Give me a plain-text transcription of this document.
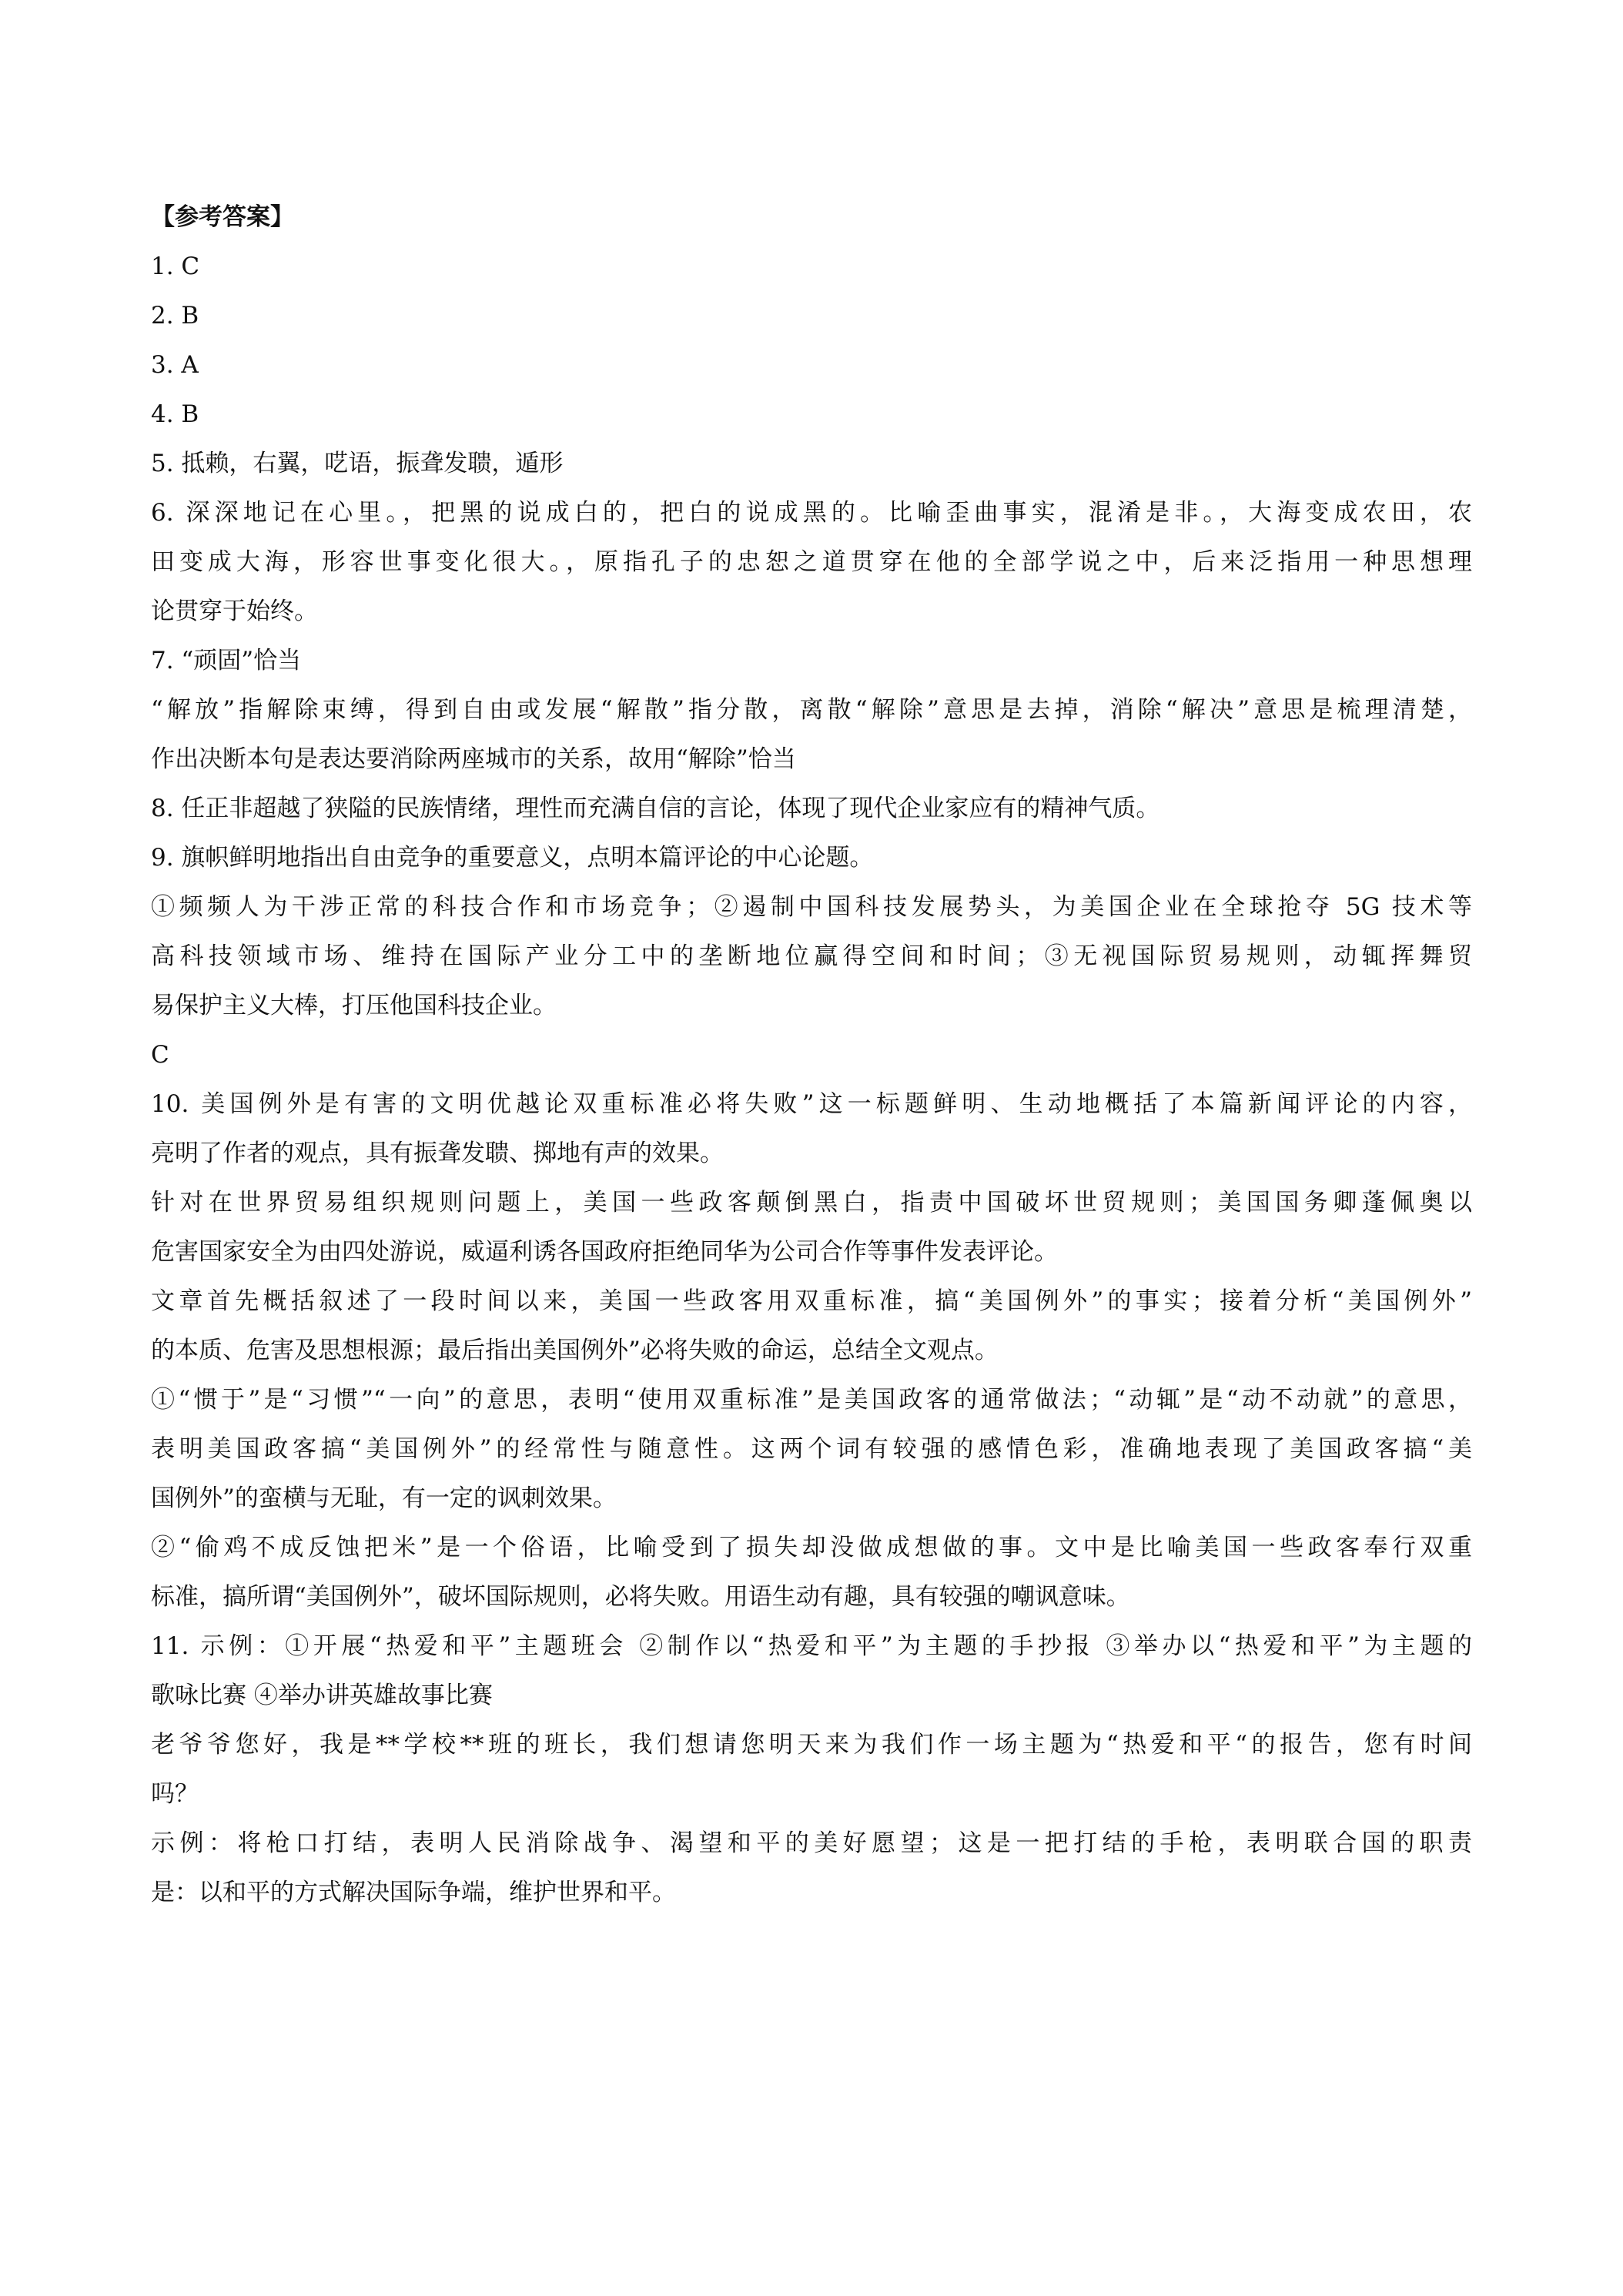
【参考答案】
1. C
2. B
3. A
4. B
5. 抵赖，右翼，呓语，振聋发聩，遁形
6. 深深地记在心里。，把黑的说成白的，把白的说成黑的。比喻歪曲事实，混淆是非。，大海变成农田，农
田变成大海，形容世事变化很大。，原指孔子的忠恕之道贯穿在他的全部学说之中，后来泛指用一种思想理
论贯穿于始终。
7. “顽固”恰当
“解放”指解除束缚，得到自由或发展“解散”指分散，离散“解除”意思是去掉，消除“解决”意思是梳理清楚，
作出决断本句是表达要消除两座城市的关系，故用“解除”恰当
8. 任正非超越了狭隘的民族情绪，理性而充满自信的言论，体现了现代企业家应有的精神气质。
9. 旗帜鲜明地指出自由竞争的重要意义，点明本篇评论的中心论题。
①频频人为干涉正常的科技合作和市场竞争；②遏制中国科技发展势头，为美国企业在全球抢夺 5G 技术等
高科技领域市场、维持在国际产业分工中的垄断地位赢得空间和时间；③无视国际贸易规则，动辄挥舞贸
易保护主义大棒，打压他国科技企业。
C
10. 美国例外是有害的文明优越论双重标准必将失败”这一标题鲜明、生动地概括了本篇新闻评论的内容，
亮明了作者的观点，具有振聋发聩、掷地有声的效果。
针对在世界贸易组织规则问题上，美国一些政客颠倒黑白，指责中国破坏世贸规则；美国国务卿蓬佩奥以
危害国家安全为由四处游说，威逼利诱各国政府拒绝同华为公司合作等事件发表评论。
文章首先概括叙述了一段时间以来，美国一些政客用双重标准，搞“美国例外”的事实；接着分析“美国例外”
的本质、危害及思想根源；最后指出美国例外”必将失败的命运，总结全文观点。
①“惯于”是“习惯”“一向”的意思，表明“使用双重标准”是美国政客的通常做法；“动辄”是“动不动就”的意思，
表明美国政客搞“美国例外”的经常性与随意性。这两个词有较强的感情色彩，准确地表现了美国政客搞“美
国例外”的蛮横与无耻，有一定的讽刺效果。
②“偷鸡不成反蚀把米”是一个俗语，比喻受到了损失却没做成想做的事。文中是比喻美国一些政客奉行双重
标准，搞所谓“美国例外”，破坏国际规则，必将失败。用语生动有趣，具有较强的嘲讽意味。
11. 示例：①开展“热爱和平”主题班会 ②制作以“热爱和平”为主题的手抄报 ③举办以“热爱和平”为主题的
歌咏比赛 ④举办讲英雄故事比赛
老爷爷您好，我是**学校**班的班长，我们想请您明天来为我们作一场主题为“热爱和平“的报告，您有时间
吗？
示例：将枪口打结，表明人民消除战争、渴望和平的美好愿望；这是一把打结的手枪，表明联合国的职责
是：以和平的方式解决国际争端，维护世界和平。
